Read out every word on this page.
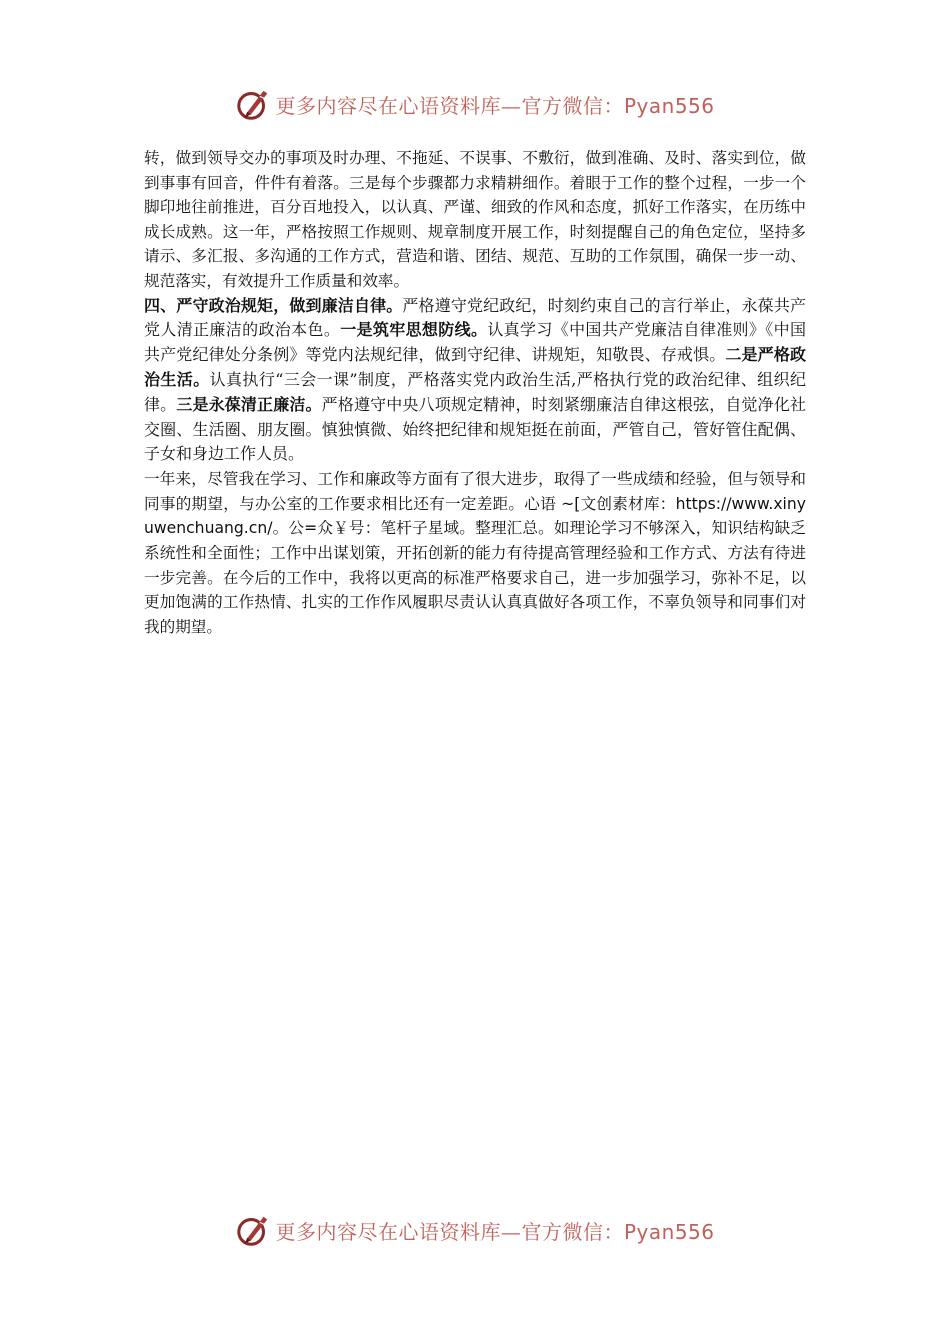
更多内容尽在心语资料库—官方微信：Pyan556

转，做到领导交办的事项及时办理、不拖延、不误事、不敷衍，做到准确、及时、落实到位，做到事事有回音，件件有着落。三是每个步骤都力求精耕细作。着眼于工作的整个过程，一步一个脚印地往前推进，百分百地投入，以认真、严谨、细致的作风和态度，抓好工作落实，在历练中成长成熟。这一年，严格按照工作规则、规章制度开展工作，时刻提醒自己的角色定位，坚持多请示、多汇报、多沟通的工作方式，营造和谐、团结、规范、互助的工作氛围，确保一步一动、规范落实，有效提升工作质量和效率。

四、严守政治规矩，做到廉洁自律。严格遵守党纪政纪，时刻约束自己的言行举止，永葆共产党人清正廉洁的政治本色。一是筑牢思想防线。认真学习《中国共产党廉洁自律准则》《中国共产党纪律处分条例》等党内法规纪律，做到守纪律、讲规矩，知敬畏、存戒惧。二是严格政治生活。认真执行“三会一课”制度，严格落实党内政治生活,严格执行党的政治纪律、组织纪律。三是永葆清正廉洁。严格遵守中央八项规定精神，时刻紧绷廉洁自律这根弦，自觉净化社交圈、生活圈、朋友圈。慎独慎微、始终把纪律和规矩挺在前面，严管自己，管好管住配偶、子女和身边工作人员。

一年来，尽管我在学习、工作和廉政等方面有了很大进步，取得了一些成绩和经验，但与领导和同事的期望，与办公室的工作要求相比还有一定差距。心语 ~[文创素材库：https://www.xinyuwenchuang.cn/。公=众￥号：笔杆子星域。整理汇总。如理论学习不够深入，知识结构缺乏系统性和全面性；工作中出谋划策，开拓创新的能力有待提高管理经验和工作方式、方法有待进一步完善。在今后的工作中，我将以更高的标准严格要求自己，进一步加强学习，弥补不足，以更加饱满的工作热情、扎实的工作作风履职尽责认认真真做好各项工作，不辜负领导和同事们对我的期望。

更多内容尽在心语资料库—官方微信：Pyan556
